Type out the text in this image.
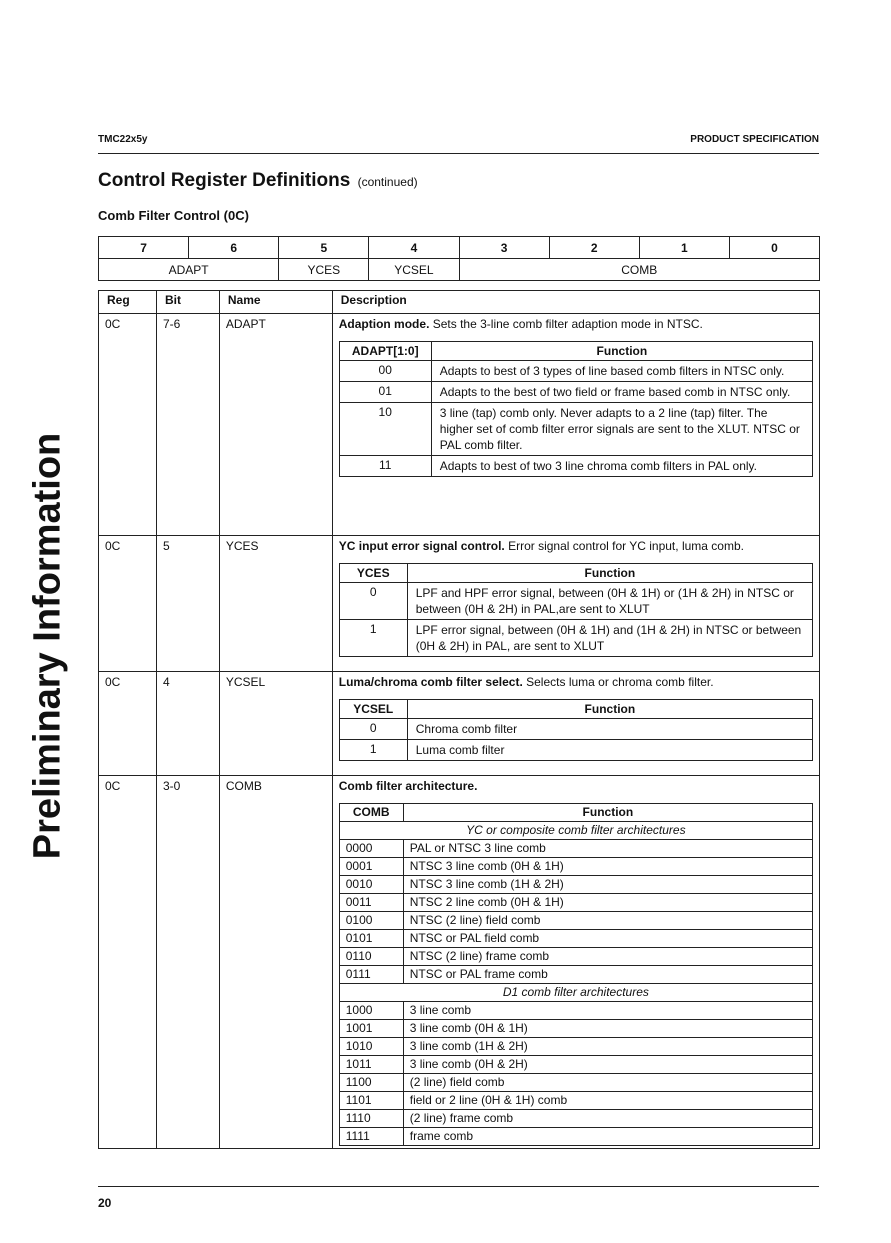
TMC22x5y	PRODUCT SPECIFICATION
Control Register Definitions (continued)
Comb Filter Control (0C)
Preliminary Information
7	6	5	4	3	2	1	0
ADAPT		YCES	YCSEL	COMB			
Reg	Bit	Name	Description
0C	7-6	ADAPT	Adaption mode. Sets the 3-line comb filter adaption mode in NTSC.
ADAPT[1:0]	Function
00	Adapts to best of 3 types of line based comb filters in NTSC only.
01	Adapts to the best of two field or frame based comb in NTSC only.
10	3 line (tap) comb only. Never adapts to a 2 line (tap) filter. The higher set of comb filter error signals are sent to the XLUT. NTSC or PAL comb filter.
11	Adapts to best of two 3 line chroma comb filters in PAL only.

0C	5	YCES	YC input error signal control. Error signal control for YC input, luma comb.
YCES	Function
0	LPF and HPF error signal, between (0H & 1H) or (1H & 2H) in NTSC or between (0H & 2H) in PAL,are sent to XLUT
1	LPF error signal, between (0H & 1H) and (1H & 2H) in NTSC or between (0H & 2H) in PAL, are sent to XLUT

0C	4	YCSEL	Luma/chroma comb filter select. Selects luma or chroma comb filter.
YCSEL	Function
0	Chroma comb filter
1	Luma comb filter

0C	3-0	COMB	Comb filter architecture.
COMB	Function
YC or composite comb filter architectures
0000	PAL or NTSC 3 line comb
0001	NTSC 3 line comb (0H & 1H)
0010	NTSC 3 line comb (1H & 2H)
0011	NTSC 2 line comb (0H & 1H)
0100	NTSC (2 line) field comb
0101	NTSC or PAL field comb
0110	NTSC (2 line) frame comb
0111	NTSC or PAL frame comb
D1 comb filter architectures
1000	3 line comb
1001	3 line comb (0H & 1H)
1010	3 line comb (1H & 2H)
1011	3 line comb (0H & 2H)
1100	(2 line) field comb
1101	field or 2 line (0H & 1H) comb
1110	(2 line) frame comb
1111	frame comb
20
